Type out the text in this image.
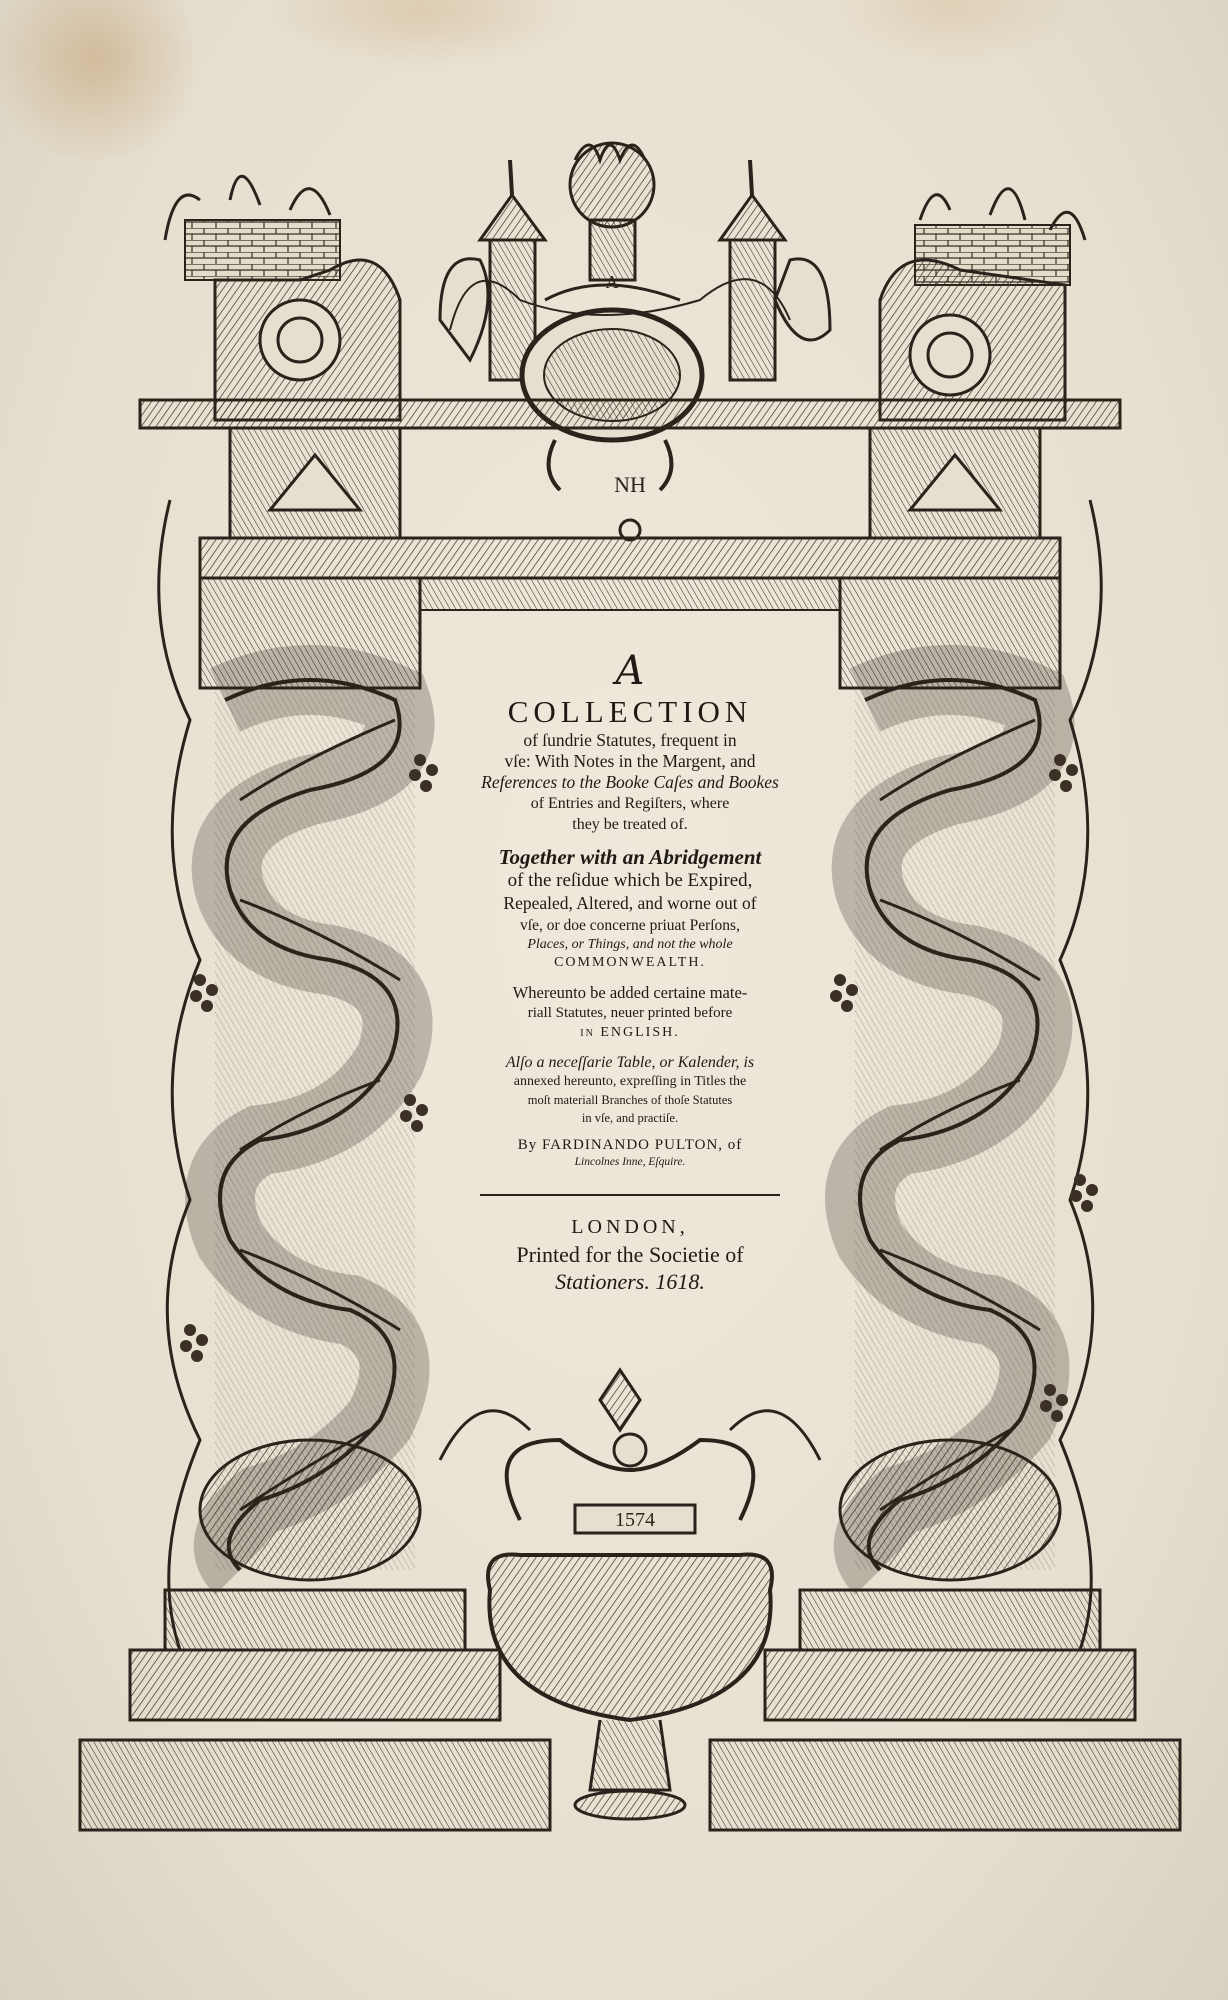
A
NH
1574
A
COLLECTION
of ſundrie Statutes, frequent in
vſe: With Notes in the Margent, and
References to the Booke Caſes and Bookes
of Entries and Regiſters, where
they be treated of.
Together with an Abridgement
of the reſidue which be Expired,
Repealed, Altered, and worne out of
vſe, or doe concerne priuat Perſons,
Places, or Things, and not the whole
COMMONWEALTH.
Whereunto be added certaine mate-
riall Statutes, neuer printed before
in ENGLISH.
Alſo a neceſſarie Table, or Kalender, is
annexed hereunto, expreſſing in Titles the
moſt materiall Branches of thoſe Statutes
in vſe, and practiſe.
By FARDINANDO PULTON, of
Lincolnes Inne, Eſquire.
LONDON,
Printed for the Societie of
Stationers. 1618.
